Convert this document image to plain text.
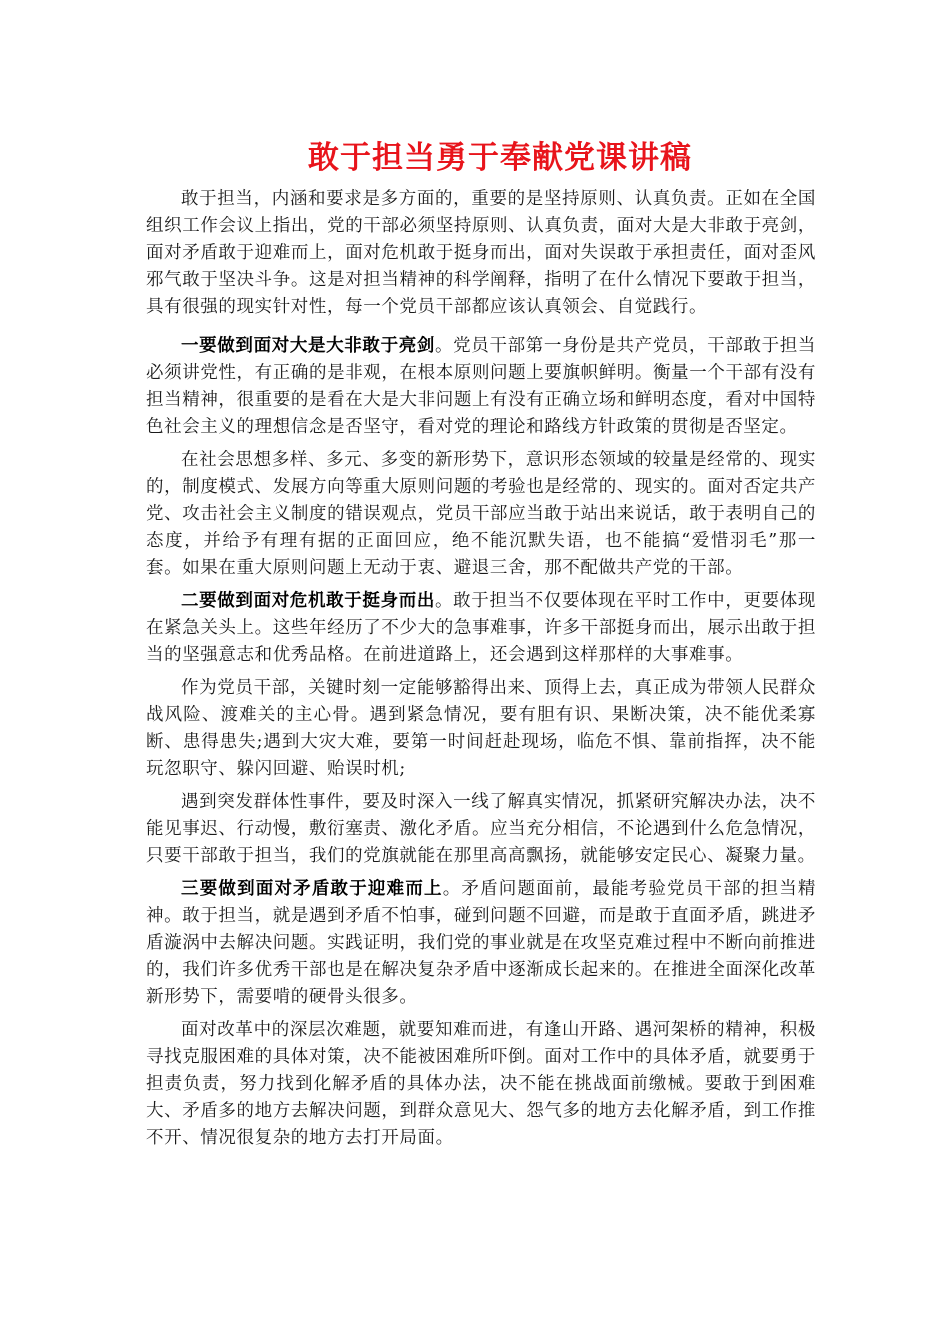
敢于担当勇于奉献党课讲稿

敢于担当，内涵和要求是多方面的，重要的是坚持原则、认真负责。正如在全国组织工作会议上指出，党的干部必须坚持原则、认真负责，面对大是大非敢于亮剑，面对矛盾敢于迎难而上，面对危机敢于挺身而出，面对失误敢于承担责任，面对歪风邪气敢于坚决斗争。这是对担当精神的科学阐释，指明了在什么情况下要敢于担当，具有很强的现实针对性，每一个党员干部都应该认真领会、自觉践行。

一要做到面对大是大非敢于亮剑。党员干部第一身份是共产党员，干部敢于担当必须讲党性，有正确的是非观，在根本原则问题上要旗帜鲜明。衡量一个干部有没有担当精神，很重要的是看在大是大非问题上有没有正确立场和鲜明态度，看对中国特色社会主义的理想信念是否坚守，看对党的理论和路线方针政策的贯彻是否坚定。

在社会思想多样、多元、多变的新形势下，意识形态领域的较量是经常的、现实的，制度模式、发展方向等重大原则问题的考验也是经常的、现实的。面对否定共产党、攻击社会主义制度的错误观点，党员干部应当敢于站出来说话，敢于表明自己的态度，并给予有理有据的正面回应，绝不能沉默失语，也不能搞“爱惜羽毛”那一套。如果在重大原则问题上无动于衷、避退三舍，那不配做共产党的干部。

二要做到面对危机敢于挺身而出。敢于担当不仅要体现在平时工作中，更要体现在紧急关头上。这些年经历了不少大的急事难事，许多干部挺身而出，展示出敢于担当的坚强意志和优秀品格。在前进道路上，还会遇到这样那样的大事难事。

作为党员干部，关键时刻一定能够豁得出来、顶得上去，真正成为带领人民群众战风险、渡难关的主心骨。遇到紧急情况，要有胆有识、果断决策，决不能优柔寡断、患得患失;遇到大灾大难，要第一时间赶赴现场，临危不惧、靠前指挥，决不能玩忽职守、躲闪回避、贻误时机;

遇到突发群体性事件，要及时深入一线了解真实情况，抓紧研究解决办法，决不能见事迟、行动慢，敷衍塞责、激化矛盾。应当充分相信，不论遇到什么危急情况，只要干部敢于担当，我们的党旗就能在那里高高飘扬，就能够安定民心、凝聚力量。

三要做到面对矛盾敢于迎难而上。矛盾问题面前，最能考验党员干部的担当精神。敢于担当，就是遇到矛盾不怕事，碰到问题不回避，而是敢于直面矛盾，跳进矛盾漩涡中去解决问题。实践证明，我们党的事业就是在攻坚克难过程中不断向前推进的，我们许多优秀干部也是在解决复杂矛盾中逐渐成长起来的。在推进全面深化改革新形势下，需要啃的硬骨头很多。

面对改革中的深层次难题，就要知难而进，有逢山开路、遇河架桥的精神，积极寻找克服困难的具体对策，决不能被困难所吓倒。面对工作中的具体矛盾，就要勇于担责负责，努力找到化解矛盾的具体办法，决不能在挑战面前缴械。要敢于到困难大、矛盾多的地方去解决问题，到群众意见大、怨气多的地方去化解矛盾，到工作推不开、情况很复杂的地方去打开局面。
